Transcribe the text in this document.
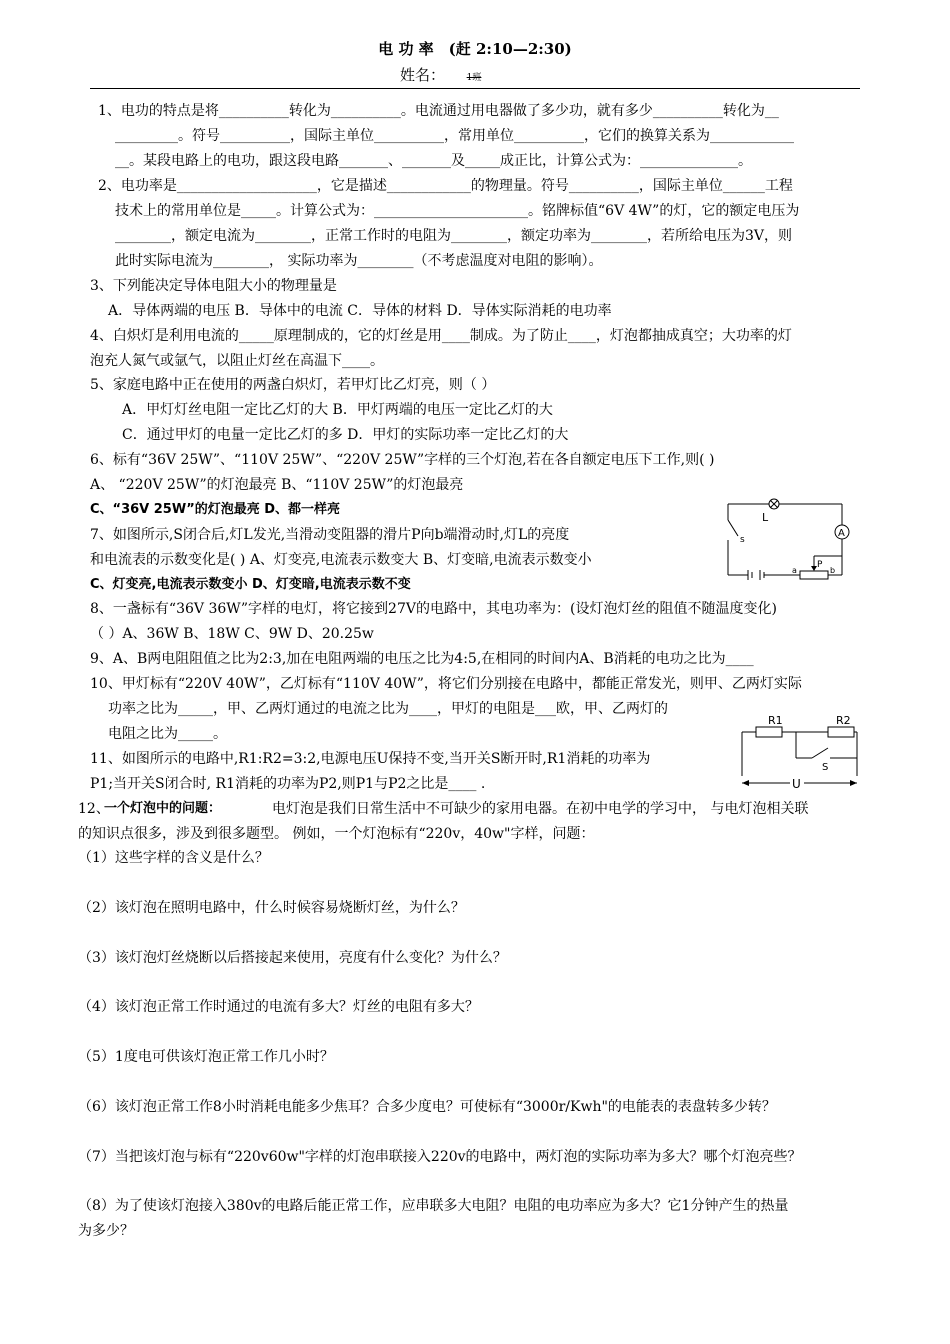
电 功 率　(赶 2:10—2:30)
姓名： 1班
1、电功的特点是将__________转化为__________。电流通过用电器做了多少功，就有多少__________转化为__
_________。符号__________，国际主单位__________，常用单位__________，它们的换算关系为____________
__。某段电路上的电功，跟这段电路_______、_______及_____成正比，计算公式为：______________。
2、电功率是____________________，它是描述____________的物理量。符号__________，国际主单位______工程
技术上的常用单位是_____。计算公式为：______________________。铭牌标值“6V 4W”的灯，它的额定电压为
________，额定电流为________，正常工作时的电阻为________，额定功率为________，若所给电压为3V，则
此时实际电流为________， 实际功率为________（不考虑温度对电阻的影响）。
3、下列能决定导体电阻大小的物理量是
A．导体两端的电压 B．导体中的电流 C．导体的材料 D．导体实际消耗的电功率
4、白炽灯是利用电流的_____原理制成的，它的灯丝是用____制成。为了防止____，灯泡都抽成真空；大功率的灯
泡充人氮气或氩气，以阻止灯丝在高温下____。
5、家庭电路中正在使用的两盏白炽灯，若甲灯比乙灯亮，则（ ）
A．甲灯灯丝电阻一定比乙灯的大 B．甲灯两端的电压一定比乙灯的大
C．通过甲灯的电量一定比乙灯的多 D．甲灯的实际功率一定比乙灯的大
6、标有“36V 25W”、“110V 25W”、“220V 25W”字样的三个灯泡,若在各自额定电压下工作,则( )
A、 “220V 25W”的灯泡最亮 B、“110V 25W”的灯泡最亮
C、“36V 25W”的灯泡最亮 D、都一样亮
7、如图所示,S闭合后,灯L发光,当滑动变阻器的滑片P向b端滑动时,灯L的亮度
和电流表的示数变化是( ) A、灯变亮,电流表示数变大 B、灯变暗,电流表示数变小
C、灯变亮,电流表示数变小 D、灯变暗,电流表示数不变
8、一盏标有“36V 36W”字样的电灯，将它接到27V的电路中，其电功率为：(设灯泡灯丝的阻值不随温度变化)
（ ）A、36W B、18W C、9W D、20.25w
9、A、B两电阻阻值之比为2:3,加在电阻两端的电压之比为4:5,在相同的时间内A、B消耗的电功之比为____
10、甲灯标有“220V 40W”，乙灯标有“110V 40W”，将它们分别接在电路中，都能正常发光，则甲、乙两灯实际
功率之比为_____，甲、乙两灯通过的电流之比为____，甲灯的电阻是___欧，甲、乙两灯的
电阻之比为_____。
11、如图所示的电路中,R1:R2=3:2,电源电压U保持不变,当开关S断开时,R1消耗的功率为
P1;当开关S闭合时, R1消耗的功率为P2,则P1与P2之比是____ .
12、
一个灯泡中的问题：	电灯泡是我们日常生活中不可缺少的家用电器。在初中电学的学习中， 与电灯泡相关联
的知识点很多，涉及到很多题型。 例如，一个灯泡标有“220v，40w"字样，问题：
（1）这些字样的含义是什么？
（2）该灯泡在照明电路中，什么时候容易烧断灯丝，为什么？
（3）该灯泡灯丝烧断以后搭接起来使用，亮度有什么变化？为什么？
（4）该灯泡正常工作时通过的电流有多大？灯丝的电阻有多大？
（5）1度电可供该灯泡正常工作几小时？
（6）该灯泡正常工作8小时消耗电能多少焦耳？合多少度电？可使标有“3000r/Kwh"的电能表的表盘转多少转？
（7）当把该灯泡与标有“220v60w"字样的灯泡串联接入220v的电路中，两灯泡的实际功率为多大？哪个灯泡亮些？
（8）为了使该灯泡接入380v的电路后能正常工作，应串联多大电阻？电阻的电功率应为多大？它1分钟产生的热量
为多少？
L
A
s
P
a	b
R1	R2
S
U
